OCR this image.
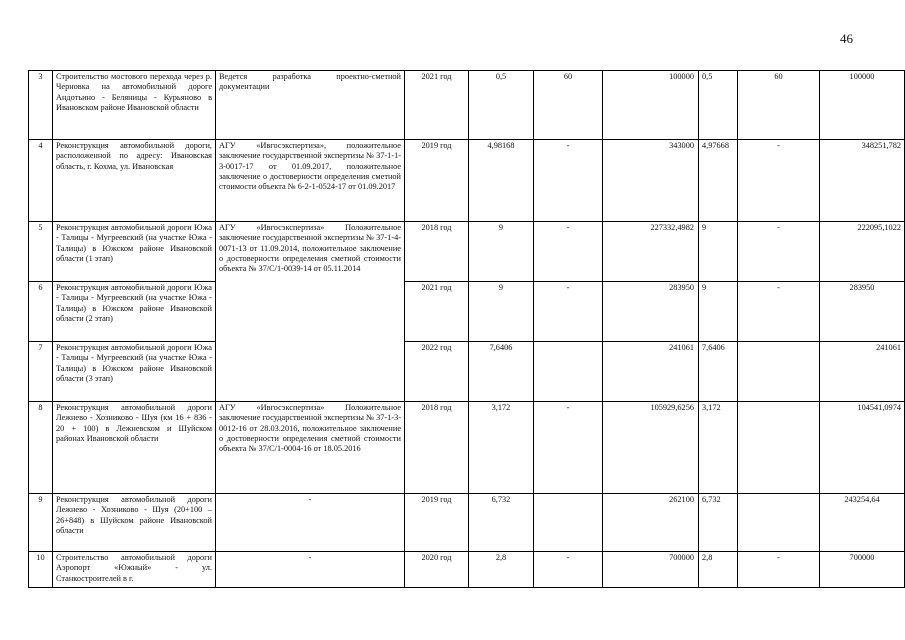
46
3	Строительство мостового перехода через р. Черновка на автомобильной дороге Андотьино - Беляницы - Курьяново в Ивановском районе Ивановской области	Ведется разработка проектно-сметной документации	2021 год	0,5	60	100000	0,5	60	100000
4	Реконструкция автомобильной дороги, расположенной по адресу: Ивановская область, г. Кохма, ул. Ивановская	АГУ «Ивгосэкспертиза», положительное заключение государственной экспертизы № 37-1-1-3-0017-17 от 01.09.2017, положительное заключение о достоверности определения сметной стоимости объекта № 6-2-1-0524-17 от 01.09.2017	2019 год	4,98168	-	343000	4,97668	-	348251,782
5	Реконструкция автомобильной дороги Южа - Талицы - Мугреевский (на участке Южа - Талицы) в Южском районе Ивановской области (1 этап)	АГУ «Ивгосэкспертиза» Положительное заключение государственной экспертизы № 37-1-4-0071-13 от 11.09.2014, положительное заключение о достоверности определения сметной стоимости объекта № 37/С/1-0039-14 от 05.11.2014	2018 год	9	-	227332,4982	9	-	222095,1022
6	Реконструкция автомобильной дороги Южа - Талицы - Мугреевский (на участке Южа - Талицы) в Южском районе Ивановской области (2 этап)		2021 год	9	-	283950	9	-	283950
7	Реконструкция автомобильной дороги Южа - Талицы - Мугреевский (на участке Южа - Талицы) в Южском районе Ивановской области (3 этап)		2022 год	7,6406		241061	7,6406		241061
8	Реконструкция автомобильной дороги Лежнево - Хозниково - Шуя (км 16 + 836 - 20 + 100) в Лежневском и Шуйском районах Ивановской области	АГУ «Ивгосэкспертиза» Положительное заключение государственной экспертизы № 37-1-3-0012-16 от 28.03.2016, положительное заключение о достоверности определения сметной стоимости объекта № 37/С/1-0004-16 от 18.05.2016	2018 год	3,172	-	105929,6256	3,172		104541,0974
9	Реконструкция автомобильной дороги Лежнево - Хозниково - Шуя (20+100 – 26+848) в Шуйском районе Ивановской области	-	2019 год	6,732		262100	6,732		243254,64
10	Строительство автомобильной дороги Аэропорт «Южный» - ул. Станкостроителей в г.	-	2020 год	2,8	-	700000	2,8	-	700000
